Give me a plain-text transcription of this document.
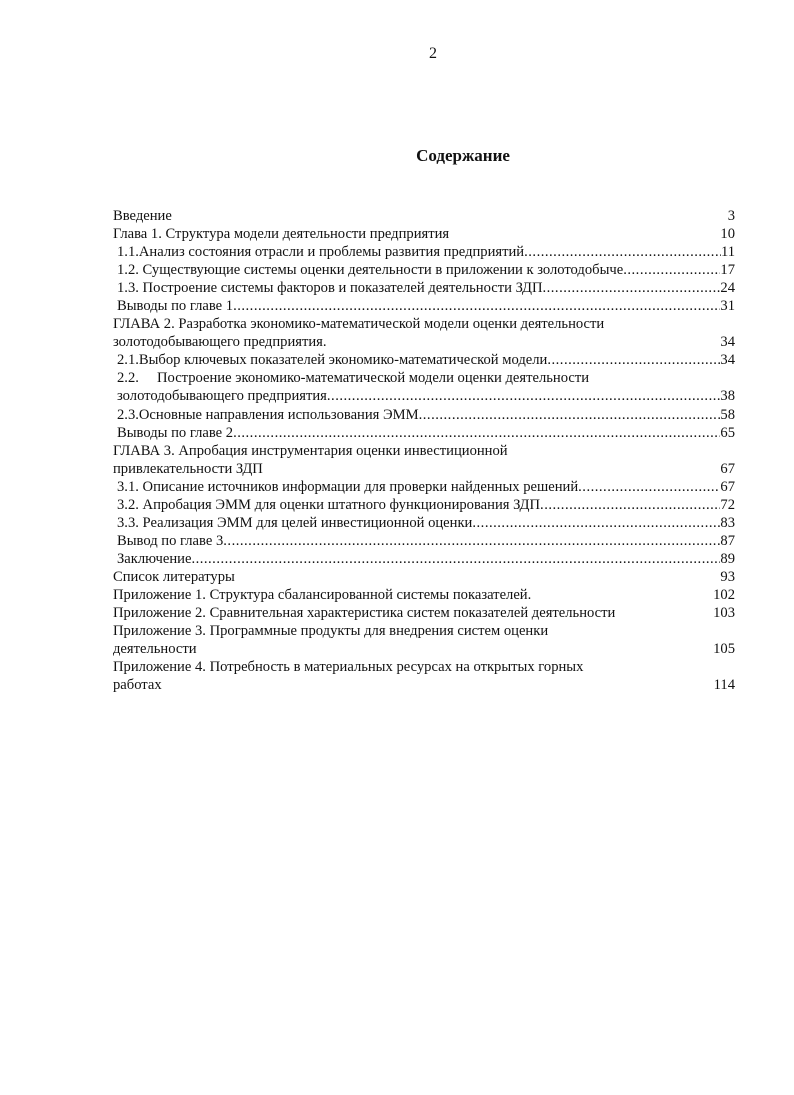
2
Содержание
Введение	3
Глава 1. Структура модели деятельности предприятия	10
1.1. Анализ состояния отрасли и проблемы развития предприятий .....	11
1.2. Существующие системы оценки деятельности в приложении к золотодобыче .....	17
1.3. Построение системы факторов и показателей деятельности ЗДП .....	24
Выводы по главе 1 .....	31
ГЛАВА 2. Разработка экономико-математической модели оценки деятельности
золотодобывающего предприятия.	34
2.1. Выбор ключевых показателей экономико-математической модели .....	34
2.2.	Построение экономико-математической модели оценки деятельности
золотодобывающего предприятия .....	38
2.3. Основные направления использования ЭММ .....	58
Выводы по главе 2 .....	65
ГЛАВА 3. Апробация инструментария оценки инвестиционной
привлекательности ЗДП	67
3.1. Описание источников информации для проверки найденных решений .....	67
3.2. Апробация ЭММ для оценки штатного функционирования ЗДП .....	72
3.3. Реализация ЭММ для целей инвестиционной оценки .....	83
Вывод по главе 3 .....	87
Заключение .....	89
Список литературы	93
Приложение 1. Структура сбалансированной системы показателей.	102
Приложение 2. Сравнительная характеристика систем показателей деятельности	103
Приложение 3. Программные продукты для внедрения систем оценки
деятельности	105
Приложение 4. Потребность в материальных ресурсах на открытых горных
работах	114
